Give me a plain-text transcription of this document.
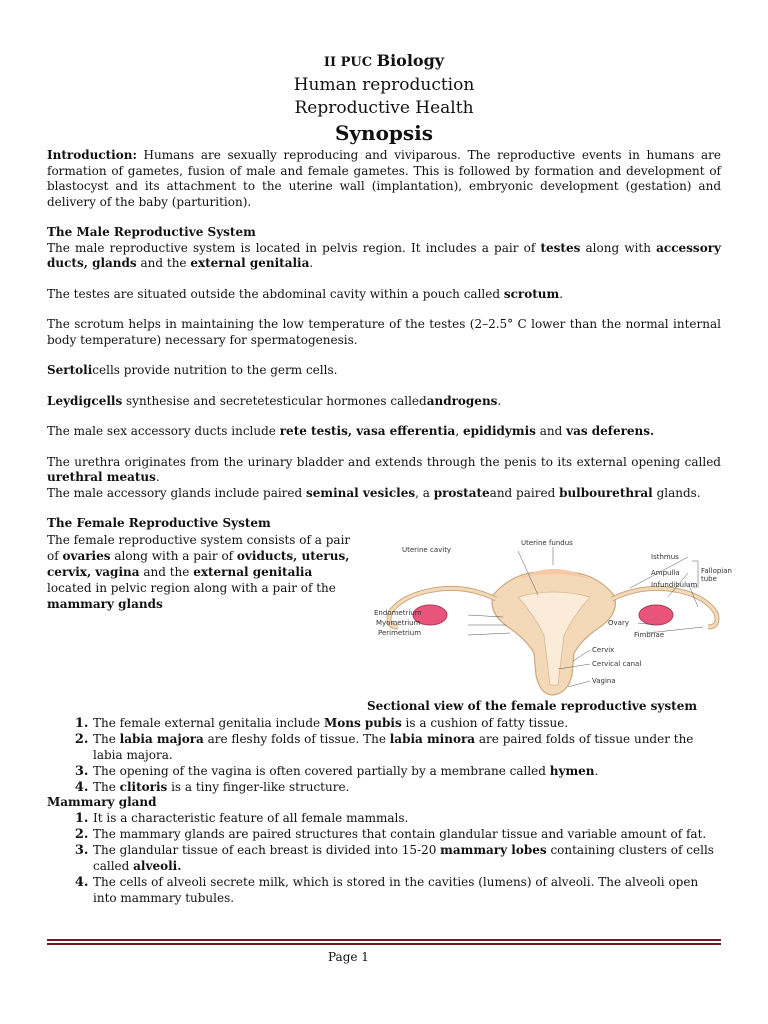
II PUC Biology
Human reproduction
Reproductive Health
Synopsis

Introduction: Humans are sexually reproducing and viviparous. The reproductive events in humans are formation of gametes, fusion of male and female gametes. This is followed by formation and development of blastocyst and its attachment to the uterine wall (implantation), embryonic development (gestation) and delivery of the baby (parturition).

The Male Reproductive System

The male reproductive system is located in pelvis region. It includes a pair of testes along with accessory ducts, glands and the external genitalia.

The testes are situated outside the abdominal cavity within a pouch called scrotum.

The scrotum helps in maintaining the low temperature of the testes (2–2.5° C lower than the normal internal body temperature) necessary for spermatogenesis.

Sertolicells provide nutrition to the germ cells.

Leydigcells synthesise and secretetesticular hormones calledandrogens.

The male sex accessory ducts include rete testis, vasa efferentia, epididymis and vas deferens.

The urethra originates from the urinary bladder and extends through the penis to its external opening called urethral meatus.

The male accessory glands include paired seminal vesicles, a prostateand paired bulbourethral glands.

The Female Reproductive System
The female reproductive system consists of a pair of ovaries along with a pair of oviducts, uterus, cervix, vagina and the external genitalia located in pelvic region along with a pair of the mammary glands
Uterine fundus
Uterine cavity
Isthmus
Fallopian
tube
Ampulla
Infundibulum
Endometrium
Myometrium
Perimetrium
Ovary
Fimbriae
Cervix
Cervical canal
Vagina
Sectional view of the female reproductive system
1. The female external genitalia include Mons pubis is a cushion of fatty tissue.
2. The labia majora are fleshy folds of tissue. The labia minora are paired folds of tissue under the labia majora.
3. The opening of the vagina is often covered partially by a membrane called hymen.
4. The clitoris is a tiny finger-like structure.
Mammary gland
1. It is a characteristic feature of all female mammals.
2. The mammary glands are paired structures that contain glandular tissue and variable amount of fat.
3. The glandular tissue of each breast is divided into 15-20 mammary lobes containing clusters of cells called alveoli.
4. The cells of alveoli secrete milk, which is stored in the cavities (lumens) of alveoli. The alveoli open into mammary tubules.
Page 1
